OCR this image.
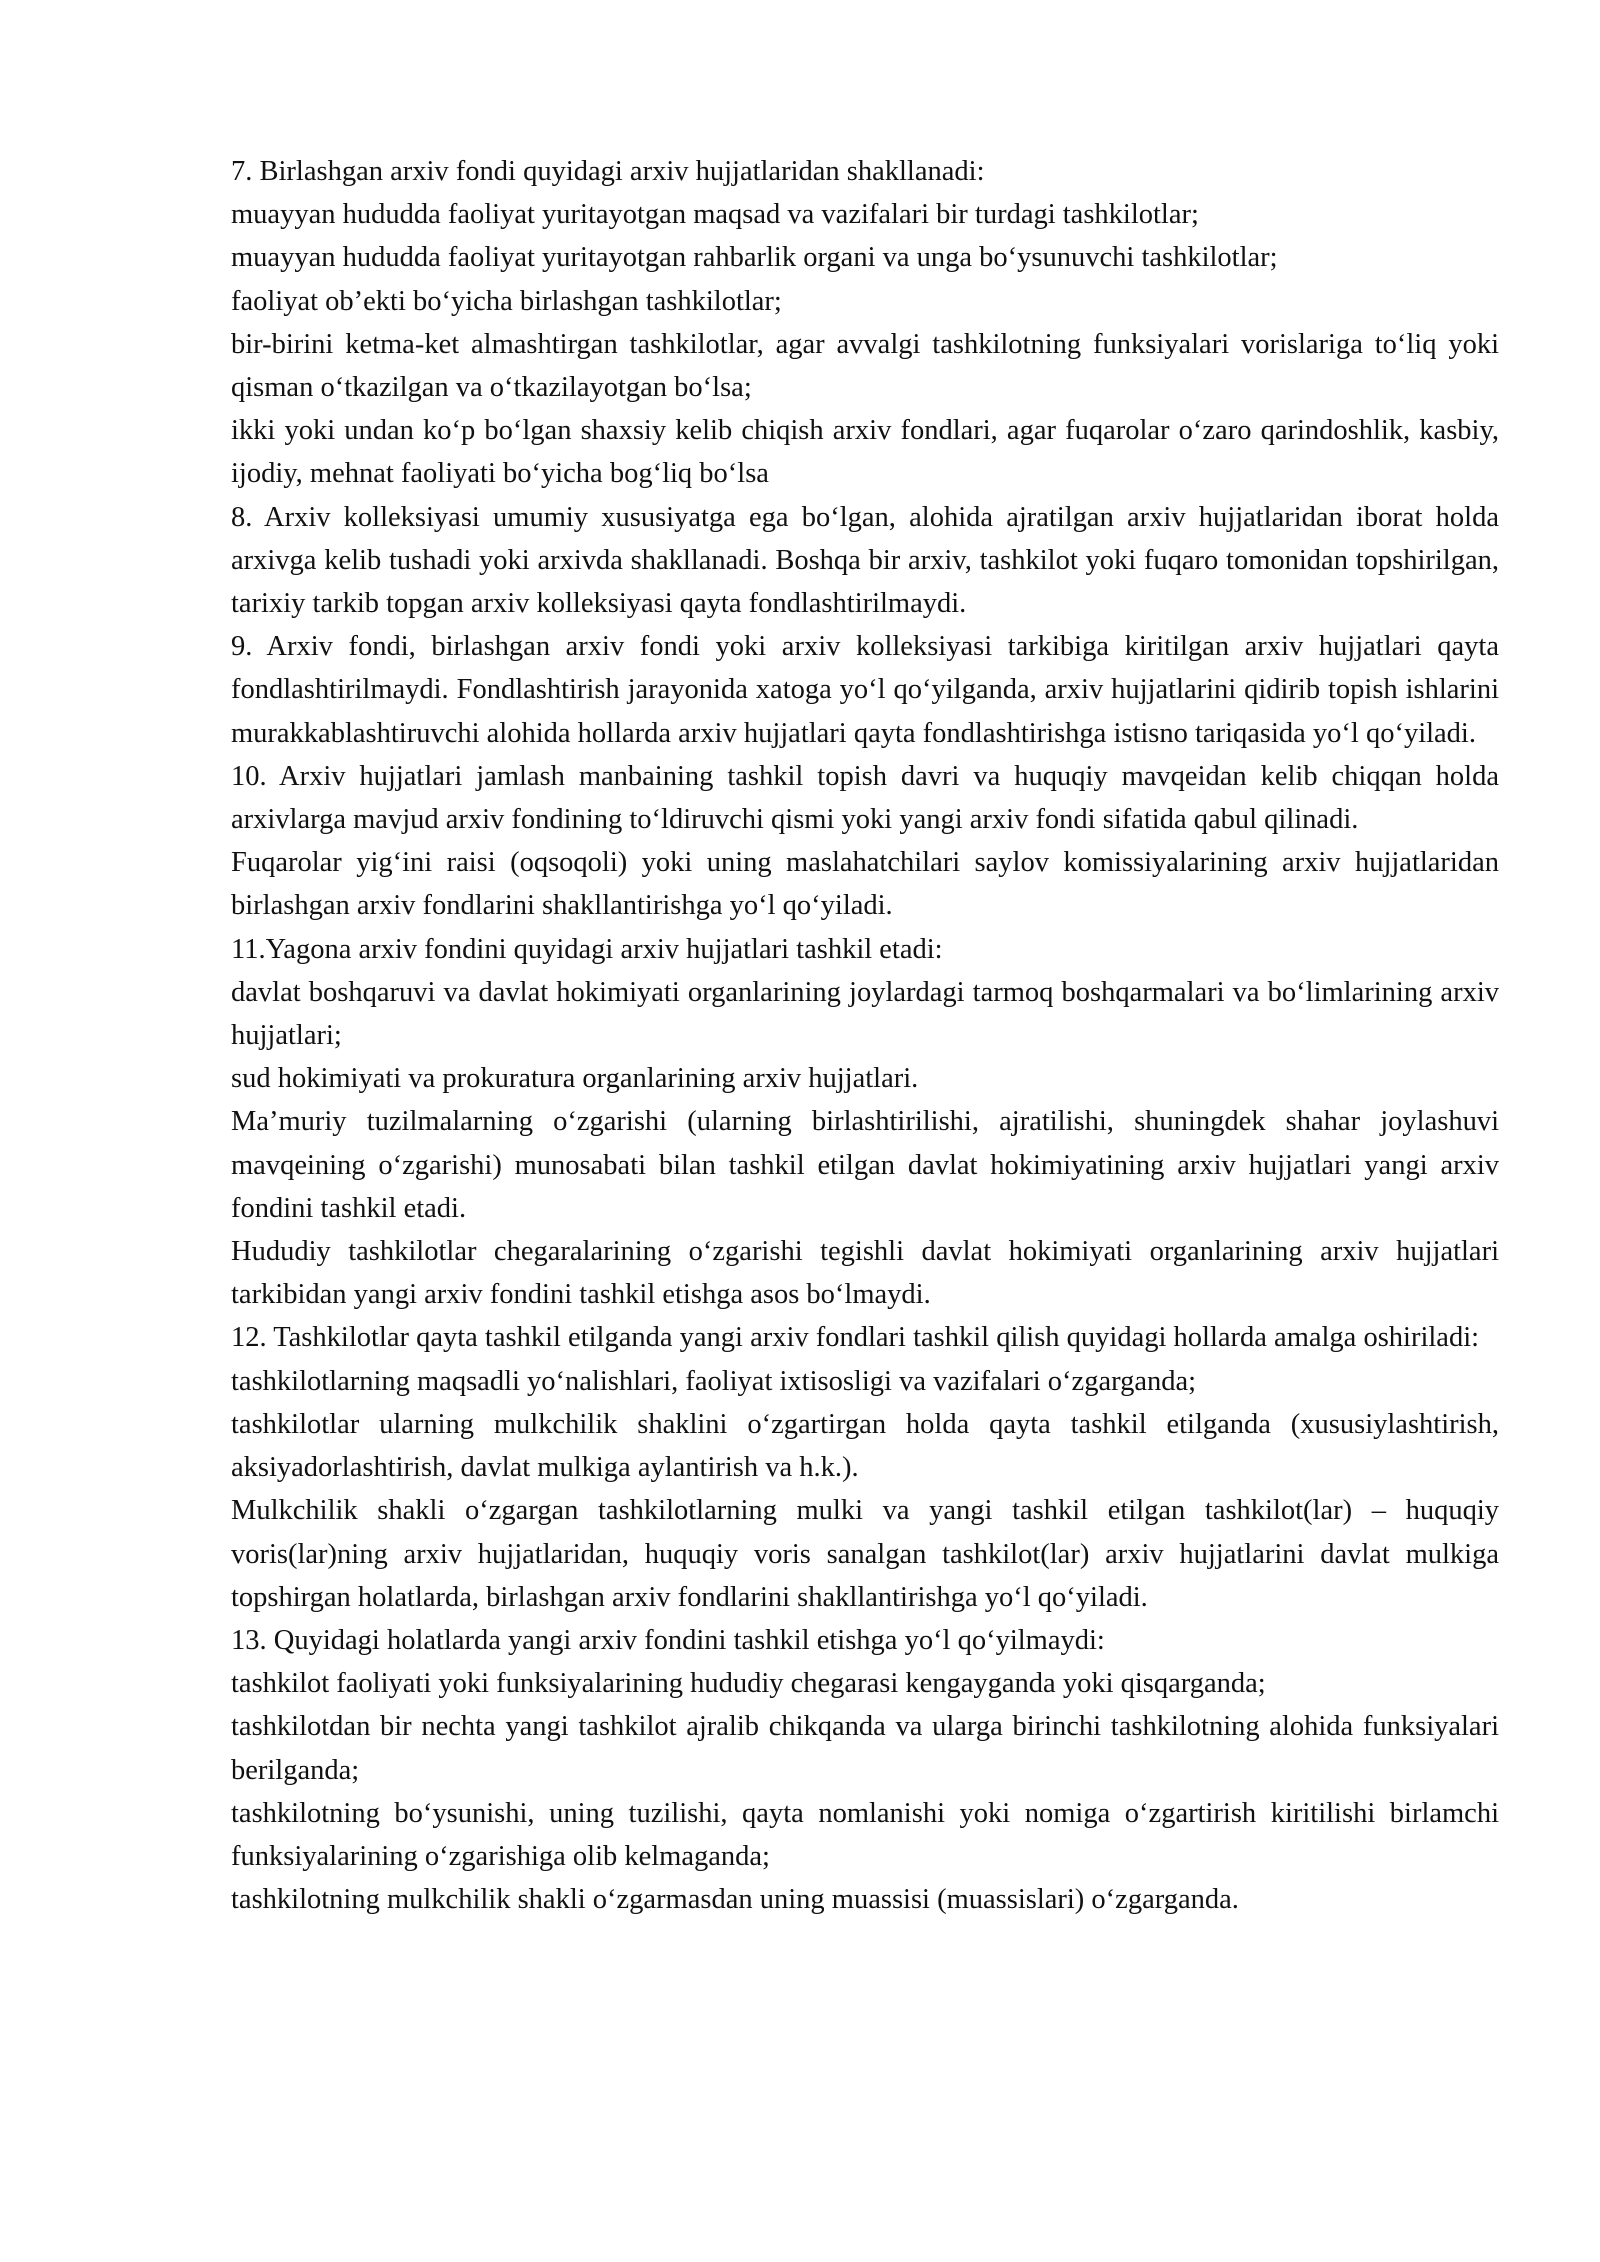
7. Birlashgan arxiv fondi quyidagi arxiv hujjatlaridan shakllanadi:

muayyan hududda faoliyat yuritayotgan maqsad va vazifalari bir turdagi tashkilotlar;

muayyan hududda faoliyat yuritayotgan rahbarlik organi va unga bo‘ysunuvchi tashkilotlar;

faoliyat ob’ekti bo‘yicha birlashgan tashkilotlar;

bir-birini ketma-ket almashtirgan tashkilotlar, agar avvalgi tashkilotning funksiyalari vorislariga to‘liq yoki qisman o‘tkazilgan va o‘tkazilayotgan bo‘lsa;

ikki yoki undan ko‘p bo‘lgan shaxsiy kelib chiqish arxiv fondlari, agar fuqarolar o‘zaro qarindoshlik, kasbiy, ijodiy, mehnat faoliyati bo‘yicha bog‘liq bo‘lsa

8. Arxiv kolleksiyasi umumiy xususiyatga ega bo‘lgan, alohida ajratilgan arxiv hujjatlaridan iborat holda arxivga kelib tushadi yoki arxivda shakllanadi. Boshqa bir arxiv, tashkilot yoki fuqaro tomonidan topshirilgan, tarixiy tarkib topgan arxiv kolleksiyasi qayta fondlashtirilmaydi.

9. Arxiv fondi, birlashgan arxiv fondi yoki arxiv kolleksiyasi tarkibiga kiritilgan arxiv hujjatlari qayta fondlashtirilmaydi. Fondlashtirish jarayonida xatoga yo‘l qo‘yilganda, arxiv hujjatlarini qidirib topish ishlarini murakkablashtiruvchi alohida hollarda arxiv hujjatlari qayta fondlashtirishga istisno tariqasida yo‘l qo‘yiladi.

10. Arxiv hujjatlari jamlash manbaining tashkil topish davri va huquqiy mavqeidan kelib chiqqan holda arxivlarga mavjud arxiv fondining to‘ldiruvchi qismi yoki yangi arxiv fondi sifatida qabul qilinadi.

Fuqarolar yig‘ini raisi (oqsoqoli) yoki uning maslahatchilari saylov komissiyalarining arxiv hujjatlaridan birlashgan arxiv fondlarini shakllantirishga yo‘l qo‘yiladi.

11.Yagona arxiv fondini quyidagi arxiv hujjatlari tashkil etadi:

davlat boshqaruvi va davlat hokimiyati organlarining joylardagi tarmoq boshqarmalari va bo‘limlarining arxiv hujjatlari;

sud hokimiyati va prokuratura organlarining arxiv hujjatlari.

Ma’muriy tuzilmalarning o‘zgarishi (ularning birlashtirilishi, ajratilishi, shuningdek shahar joylashuvi mavqeining o‘zgarishi) munosabati bilan tashkil etilgan davlat hokimiyatining arxiv hujjatlari yangi arxiv fondini tashkil etadi.

Hududiy tashkilotlar chegaralarining o‘zgarishi tegishli davlat hokimiyati organlarining arxiv hujjatlari tarkibidan yangi arxiv fondini tashkil etishga asos bo‘lmaydi.

12. Tashkilotlar qayta tashkil etilganda yangi arxiv fondlari tashkil qilish quyidagi hollarda amalga oshiriladi:

tashkilotlarning maqsadli yo‘nalishlari, faoliyat ixtisosligi va vazifalari o‘zgarganda;

tashkilotlar ularning mulkchilik shaklini o‘zgartirgan holda qayta tashkil etilganda (xususiylashtirish, aksiyadorlashtirish, davlat mulkiga aylantirish va h.k.).

Mulkchilik shakli o‘zgargan tashkilotlarning mulki va yangi tashkil etilgan tashkilot(lar) – huquqiy voris(lar)ning arxiv hujjatlaridan, huquqiy voris sanalgan tashkilot(lar) arxiv hujjatlarini davlat mulkiga topshirgan holatlarda, birlashgan arxiv fondlarini shakllantirishga yo‘l qo‘yiladi.

13. Quyidagi holatlarda yangi arxiv fondini tashkil etishga yo‘l qo‘yilmaydi:

tashkilot faoliyati yoki funksiyalarining hududiy chegarasi kengayganda yoki qisqarganda;

tashkilotdan bir nechta yangi tashkilot ajralib chikqanda va ularga birinchi tashkilotning alohida funksiyalari berilganda;

tashkilotning bo‘ysunishi, uning tuzilishi, qayta nomlanishi yoki nomiga o‘zgartirish kiritilishi birlamchi funksiyalarining o‘zgarishiga olib kelmaganda;

tashkilotning mulkchilik shakli o‘zgarmasdan uning muassisi (muassislari) o‘zgarganda.
